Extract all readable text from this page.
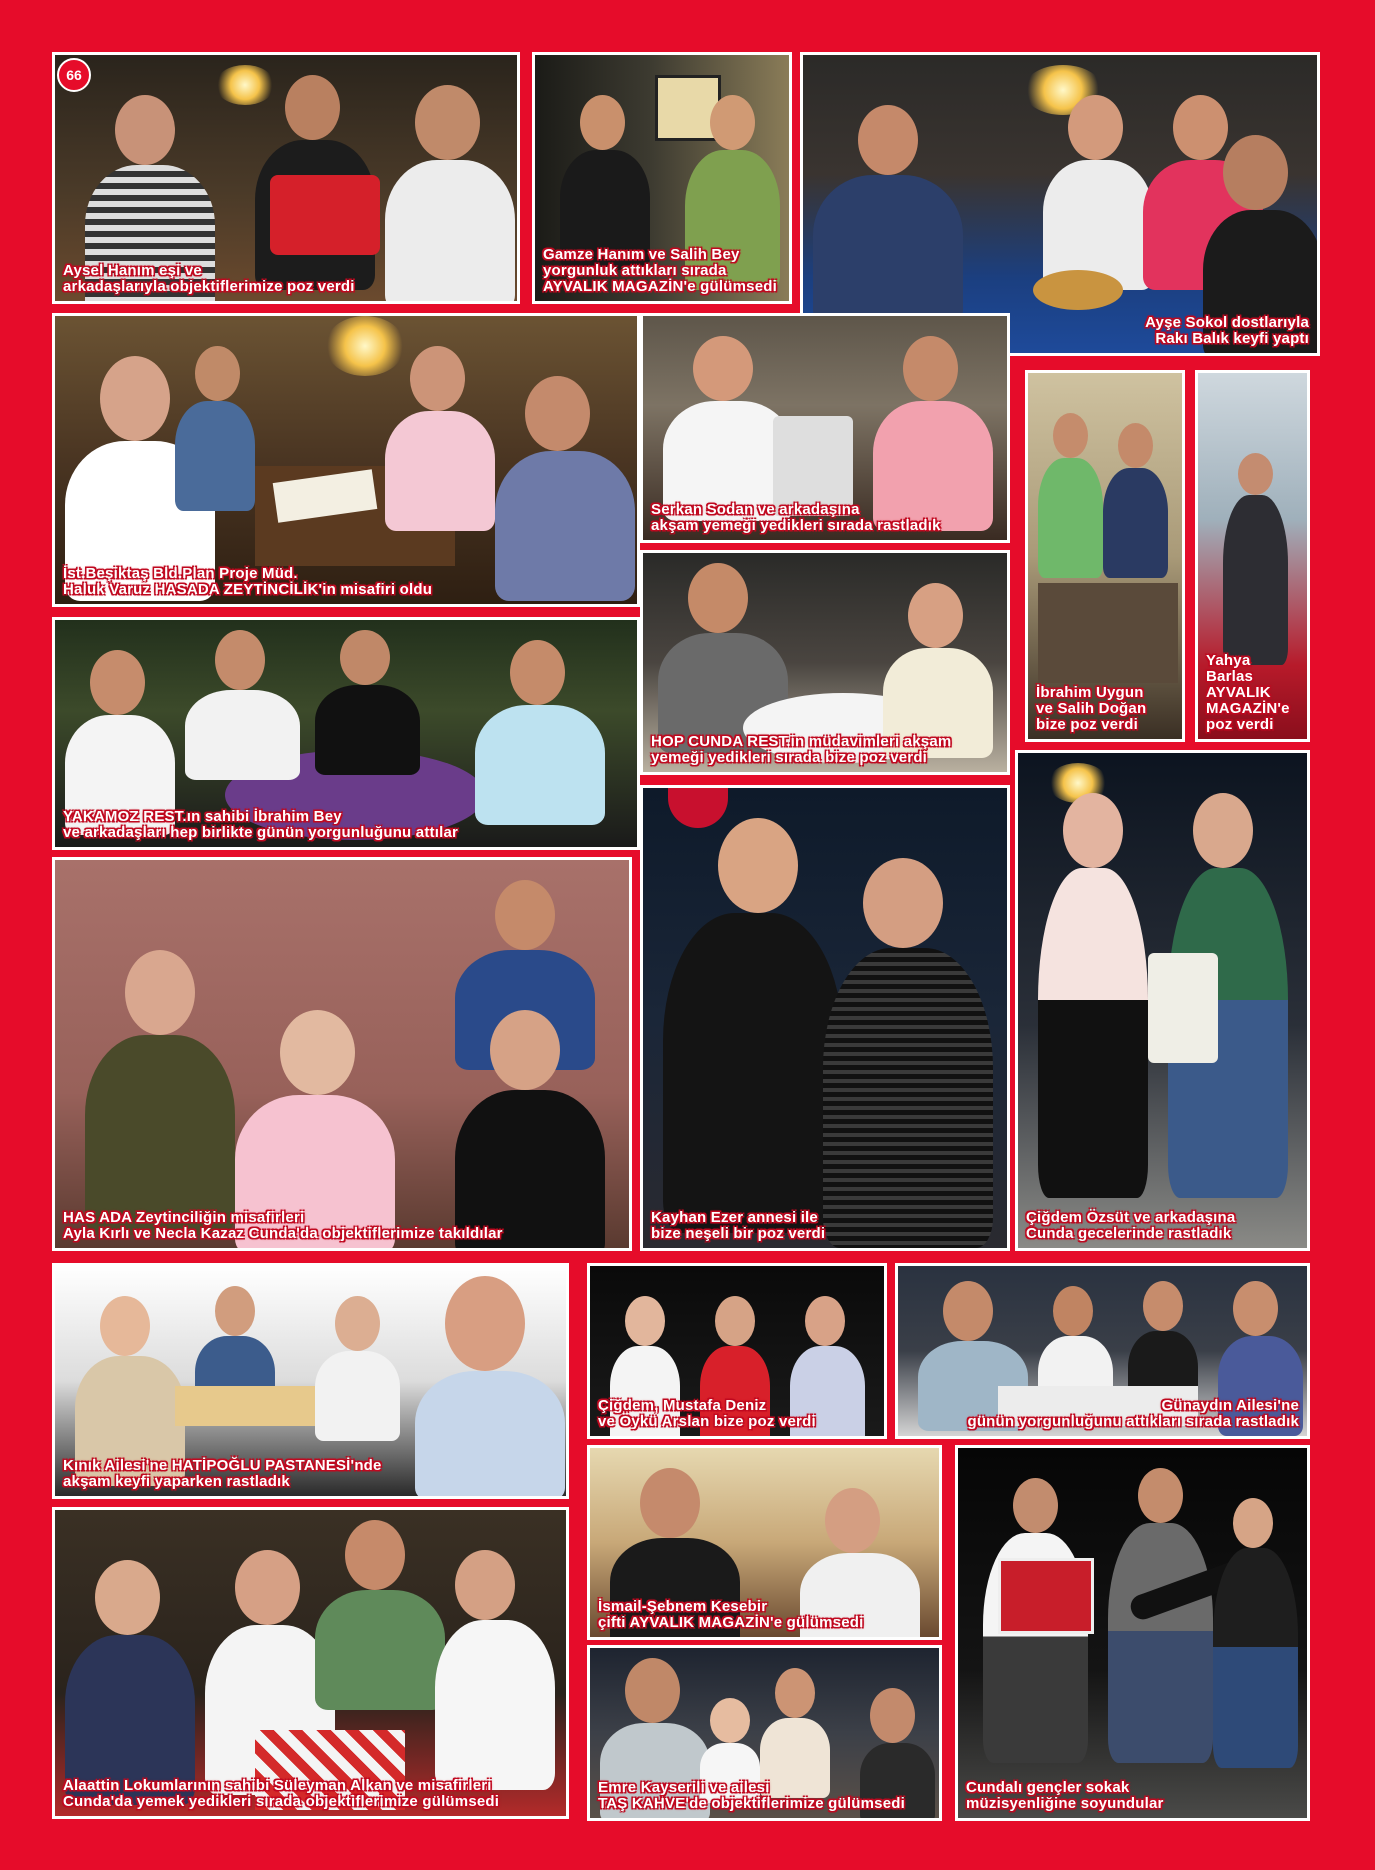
66
Aysel Hanım eşi ve
arkadaşlarıyla objektiflerimize poz verdi
Gamze Hanım ve Salih Bey
yorgunluk attıkları sırada
AYVALIK MAGAZİN'e gülümsedi
Ayşe Sokol dostlarıyla
Rakı Balık keyfi yaptı
İst.Beşiktaş Bld.Plan Proje Müd.
Haluk Varuz HASADA ZEYTİNCİLİK'in misafiri oldu
Serkan Sodan ve arkadaşına
akşam yemeği yedikleri sırada rastladık
İbrahim Uygun
ve Salih Doğan
bize poz verdi
Yahya Barlas
AYVALIK
MAGAZİN'e
poz verdi
YAKAMOZ REST.ın sahibi İbrahim Bey
ve arkadaşları hep birlikte günün yorgunluğunu attılar
HOP CUNDA REST.in müdavimleri akşam
yemeği yedikleri sırada bize poz verdi
HAS ADA Zeytinciliğin misafirleri
Ayla Kırlı ve Necla Kazaz Cunda'da objektiflerimize takıldılar
Kayhan Ezer annesi ile
bize neşeli bir poz verdi
Çiğdem Özsüt ve arkadaşına
Cunda gecelerinde rastladık
Kınık Ailesi'ne HATİPOĞLU PASTANESİ'nde
akşam keyfi yaparken rastladık
Çiğdem, Mustafa Deniz
ve Öykü Arslan bize poz verdi
Günaydın Ailesi'ne
günün yorgunluğunu attıkları sırada rastladık
İsmail-Şebnem Kesebir
çifti AYVALIK MAGAZİN'e gülümsedi
Alaattin Lokumlarının sahibi Süleyman Alkan ve misafirleri
Cunda'da yemek yedikleri sırada objektiflerimize gülümsedi
Emre Kayserili ve ailesi
TAŞ KAHVE'de objektiflerimize gülümsedi
Cundalı gençler sokak
müzisyenliğine soyundular
